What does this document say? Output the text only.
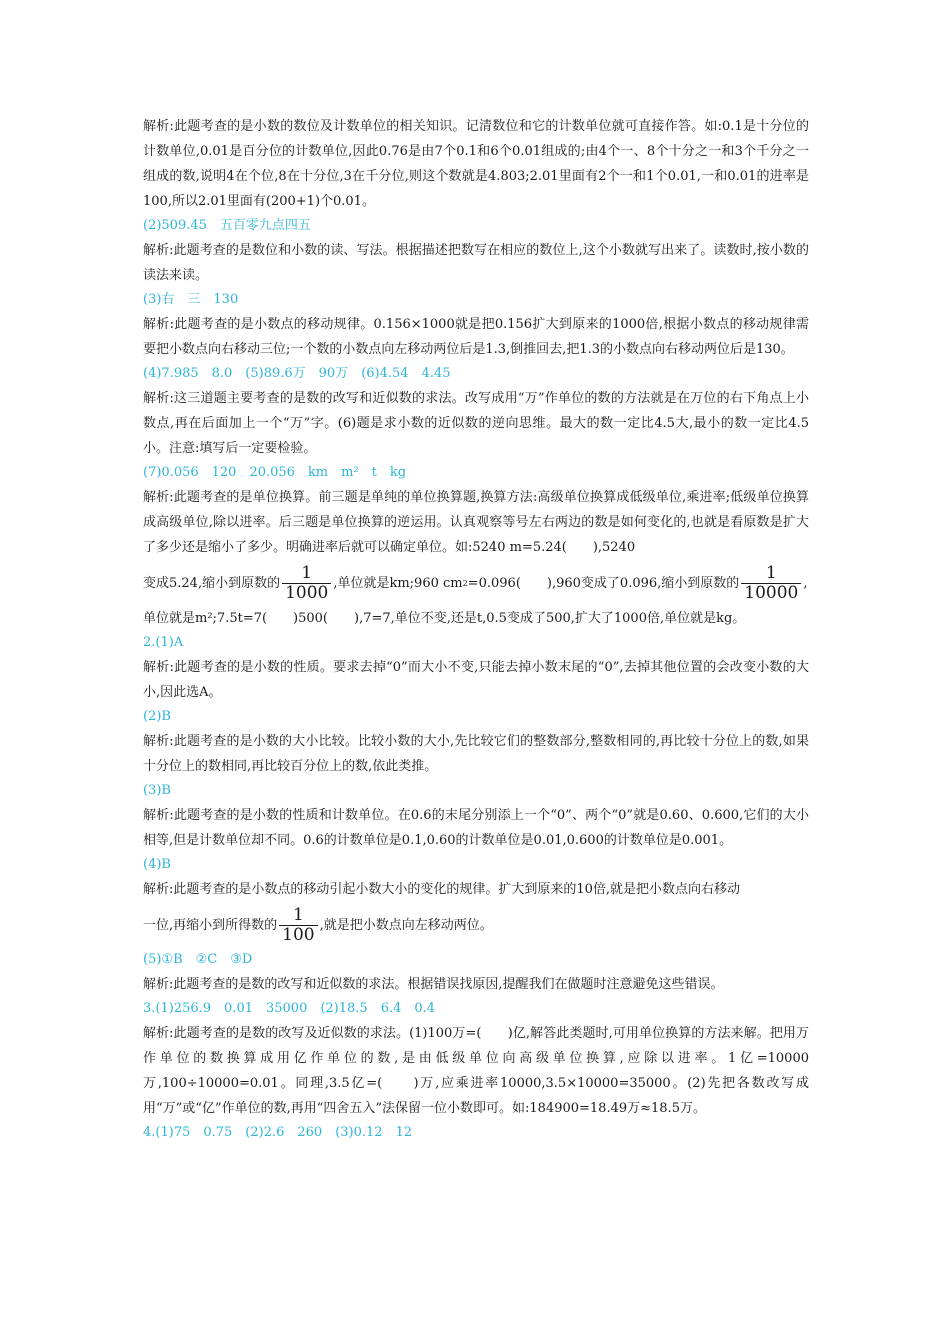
解析:此题考查的是小数的数位及计数单位的相关知识。记清数位和它的计数单位就可直接作答。如:0.1是十分位的计数单位,0.01是百分位的计数单位,因此0.76是由7个0.1和6个0.01组成的;由4个一、8个十分之一和3个千分之一组成的数,说明4在个位,8在十分位,3在千分位,则这个数就是4.803;2.01里面有2个一和1个0.01,一和0.01的进率是100,所以2.01里面有(200+1)个0.01。

(2)509.45　五百零九点四五

解析:此题考查的是数位和小数的读、写法。根据描述把数写在相应的数位上,这个小数就写出来了。读数时,按小数的读法来读。

(3)右　三　130

解析:此题考查的是小数点的移动规律。0.156×1000就是把0.156扩大到原来的1000倍,根据小数点的移动规律需要把小数点向右移动三位;一个数的小数点向左移动两位后是1.3,倒推回去,把1.3的小数点向右移动两位后是130。

(4)7.985　8.0　(5)89.6万　90万　(6)4.54　4.45

解析:这三道题主要考查的是数的改写和近似数的求法。改写成用“万”作单位的数的方法就是在万位的右下角点上小数点,再在后面加上一个“万”字。(6)题是求小数的近似数的逆向思维。最大的数一定比4.5大,最小的数一定比4.5小。注意:填写后一定要检验。

(7)0.056　120　20.056　km　m²　t　kg

解析:此题考查的是单位换算。前三题是单纯的单位换算题,换算方法:高级单位换算成低级单位,乘进率;低级单位换算成高级单位,除以进率。后三题是单位换算的逆运用。认真观察等号左右两边的数是如何变化的,也就是看原数是扩大了多少还是缩小了多少。明确进率后就可以确定单位。如:5240 m=5.24(　　),5240

变成5.24,缩小到原数的 $\frac{1}{1000}$ ,单位就是km;960 cm 2 =0.096(　　),960变成了0.096,缩小到原数的 $\frac{1}{10000}$ ,

单位就是m²;7.5t=7(　　)500(　　),7=7,单位不变,还是t,0.5变成了500,扩大了1000倍,单位就是kg。

2.(1)A

解析:此题考查的是小数的性质。要求去掉“0”而大小不变,只能去掉小数末尾的“0”,去掉其他位置的会改变小数的大小,因此选A。

(2)B

解析:此题考查的是小数的大小比较。比较小数的大小,先比较它们的整数部分,整数相同的,再比较十分位上的数,如果十分位上的数相同,再比较百分位上的数,依此类推。

(3)B

解析:此题考查的是小数的性质和计数单位。在0.6的末尾分别添上一个“0”、两个“0”就是0.60、0.600,它们的大小相等,但是计数单位却不同。0.6的计数单位是0.1,0.60的计数单位是0.01,0.600的计数单位是0.001。

(4)B

解析:此题考查的是小数点的移动引起小数大小的变化的规律。扩大到原来的10倍,就是把小数点向右移动

一位,再缩小到所得数的 $\frac{1}{100}$ ,就是把小数点向左移动两位。

(5)①B　②C　③D

解析:此题考查的是数的改写和近似数的求法。根据错误找原因,提醒我们在做题时注意避免这些错误。

3.(1)256.9　0.01　35000　(2)18.5　6.4　0.4

解析:此题考查的是数的改写及近似数的求法。(1)100万=(　　)亿,解答此类题时,可用单位换算的方法来解。把用万作单位的数换算成用亿作单位的数,是由低级单位向高级单位换算,应除以进率。1亿=10000万,100÷10000=0.01。同理,3.5亿=(　　)万,应乘进率10000,3.5×10000=35000。(2)先把各数改写成用“万”或“亿”作单位的数,再用“四舍五入”法保留一位小数即可。如:184900=18.49万≈18.5万。

4.(1)75　0.75　(2)2.6　260　(3)0.12　12
